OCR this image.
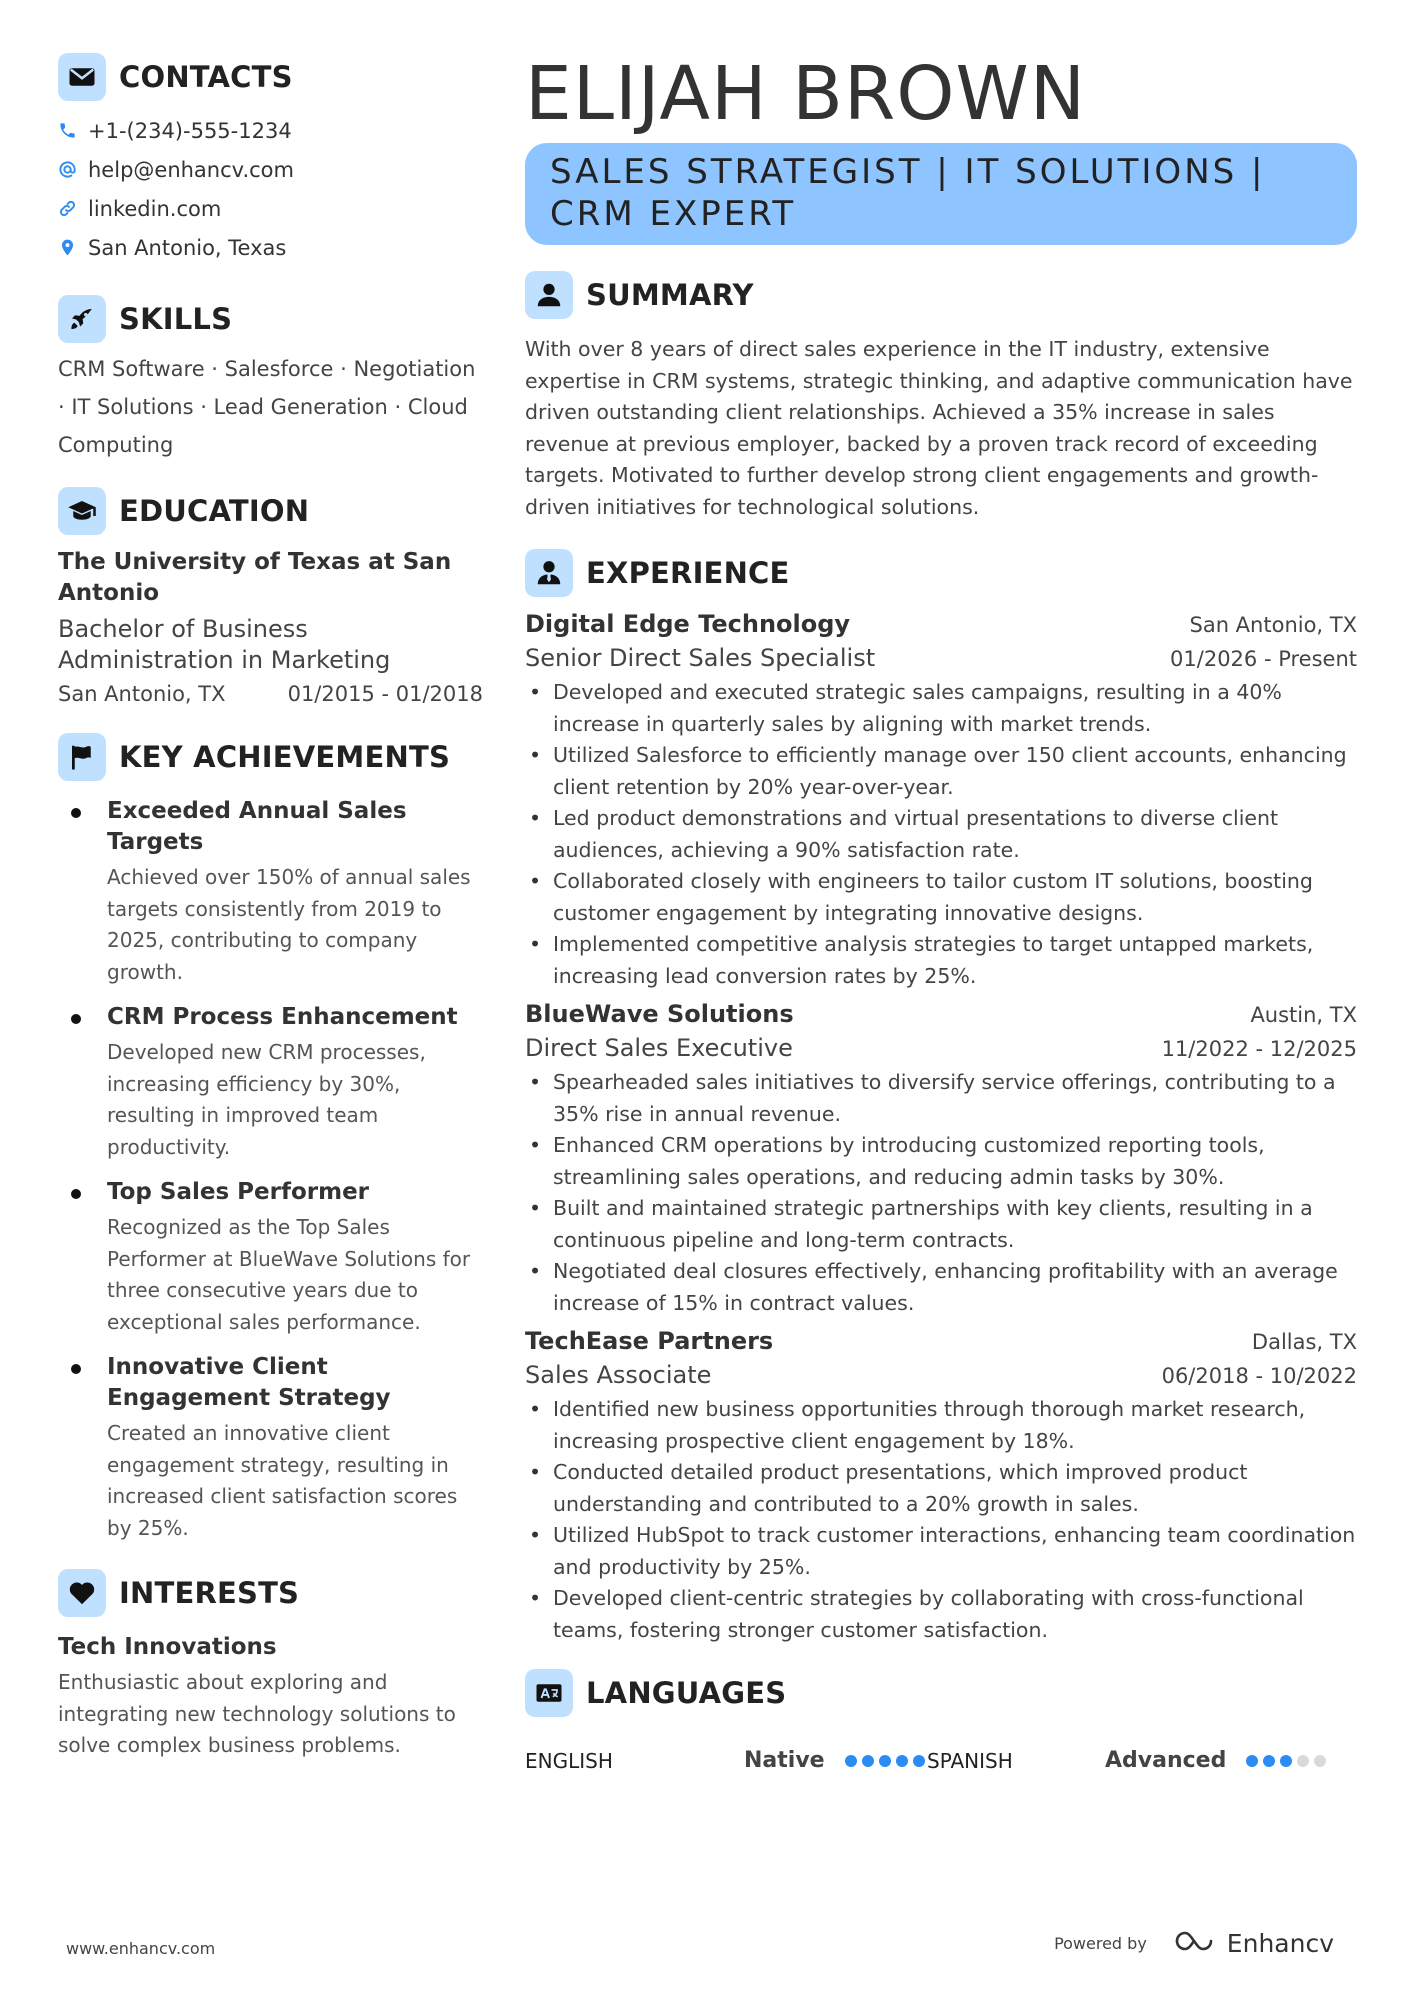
CONTACTS
+1-(234)-555-1234
help@enhancv.com
linkedin.com
San Antonio, Texas
SKILLS
CRM Software · Salesforce · Negotiation · IT Solutions · Lead Generation · Cloud Computing
EDUCATION
The University of Texas at San Antonio
Bachelor of Business Administration in Marketing
San Antonio, TX	01/2015 - 01/2018
KEY ACHIEVEMENTS
Exceeded Annual Sales Targets
Achieved over 150% of annual sales targets consistently from 2019 to 2025, contributing to company growth.
CRM Process Enhancement
Developed new CRM processes, increasing efficiency by 30%, resulting in improved team productivity.
Top Sales Performer
Recognized as the Top Sales Performer at BlueWave Solutions for three consecutive years due to exceptional sales performance.
Innovative Client Engagement Strategy
Created an innovative client engagement strategy, resulting in increased client satisfaction scores by 25%.
INTERESTS
Tech Innovations
Enthusiastic about exploring and integrating new technology solutions to solve complex business problems.
ELIJAH BROWN
SALES STRATEGIST | IT SOLUTIONS | CRM EXPERT
SUMMARY
With over 8 years of direct sales experience in the IT industry, extensive expertise in CRM systems, strategic thinking, and adaptive communication have driven outstanding client relationships. Achieved a 35% increase in sales revenue at previous employer, backed by a proven track record of exceeding targets. Motivated to further develop strong client engagements and growth-driven initiatives for technological solutions.
EXPERIENCE
Digital Edge Technology	San Antonio, TX
Senior Direct Sales Specialist	01/2026 - Present
• Developed and executed strategic sales campaigns, resulting in a 40% increase in quarterly sales by aligning with market trends.
• Utilized Salesforce to efficiently manage over 150 client accounts, enhancing client retention by 20% year-over-year.
• Led product demonstrations and virtual presentations to diverse client audiences, achieving a 90% satisfaction rate.
• Collaborated closely with engineers to tailor custom IT solutions, boosting customer engagement by integrating innovative designs.
• Implemented competitive analysis strategies to target untapped markets, increasing lead conversion rates by 25%.
BlueWave Solutions	Austin, TX
Direct Sales Executive	11/2022 - 12/2025
• Spearheaded sales initiatives to diversify service offerings, contributing to a 35% rise in annual revenue.
• Enhanced CRM operations by introducing customized reporting tools, streamlining sales operations, and reducing admin tasks by 30%.
• Built and maintained strategic partnerships with key clients, resulting in a continuous pipeline and long-term contracts.
• Negotiated deal closures effectively, enhancing profitability with an average increase of 15% in contract values.
TechEase Partners	Dallas, TX
Sales Associate	06/2018 - 10/2022
• Identified new business opportunities through thorough market research, increasing prospective client engagement by 18%.
• Conducted detailed product presentations, which improved product understanding and contributed to a 20% growth in sales.
• Utilized HubSpot to track customer interactions, enhancing team coordination and productivity by 25%.
• Developed client-centric strategies by collaborating with cross-functional teams, fostering stronger customer satisfaction.
LANGUAGES
ENGLISH	Native	SPANISH	Advanced
www.enhancv.com	Powered by	Enhancv
